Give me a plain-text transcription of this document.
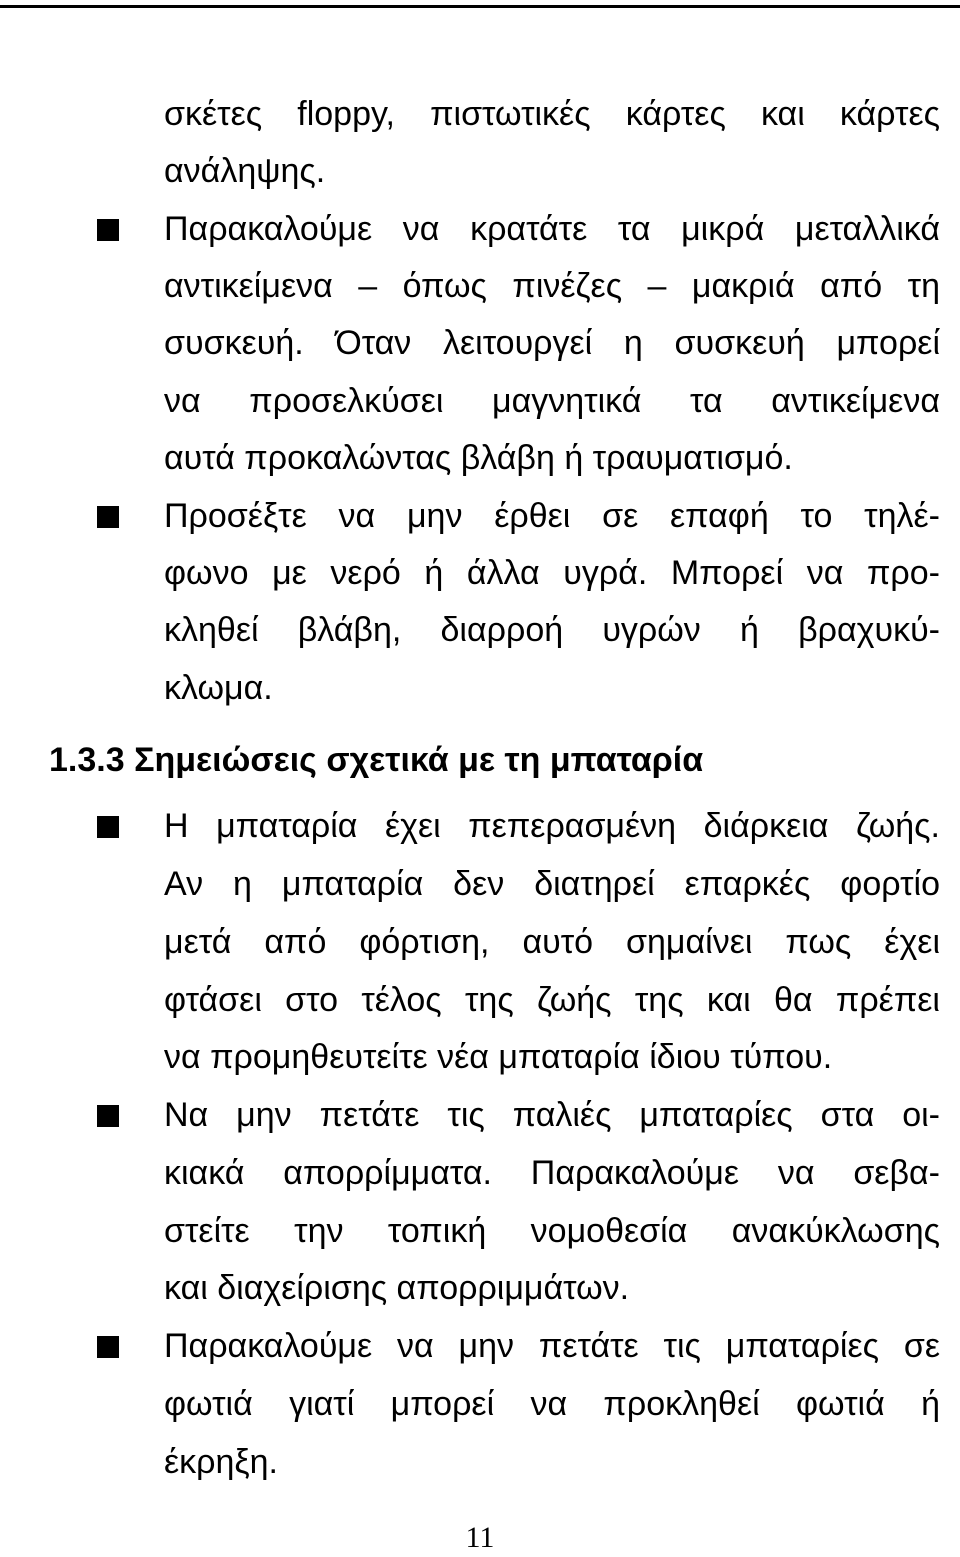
σκέτες floppy, πιστωτικές κάρτες και κάρτες
ανάληψης.
Παρακαλούμε να κρατάτε τα μικρά μεταλλικά
αντικείμενα – όπως πινέζες – μακριά από τη
συσκευή. Όταν λειτουργεί η συσκευή μπορεί
να προσελκύσει μαγνητικά τα αντικείμενα
αυτά προκαλώντας βλάβη ή τραυματισμό.
Προσέξτε να μην έρθει σε επαφή το τηλέ-
φωνο με νερό ή άλλα υγρά. Μπορεί να προ-
κληθεί βλάβη, διαρροή υγρών ή βραχυκύ-
κλωμα.
1.3.3 Σημειώσεις σχετικά με τη μπαταρία
Η μπαταρία έχει πεπερασμένη διάρκεια ζωής.
Αν η μπαταρία δεν διατηρεί επαρκές φορτίο
μετά από φόρτιση, αυτό σημαίνει πως έχει
φτάσει στο τέλος της ζωής της και θα πρέπει
να προμηθευτείτε νέα μπαταρία ίδιου τύπου.
Να μην πετάτε τις παλιές μπαταρίες στα οι-
κιακά απορρίμματα. Παρακαλούμε να σεβα-
στείτε την τοπική νομοθεσία ανακύκλωσης
και διαχείρισης απορριμμάτων.
Παρακαλούμε να μην πετάτε τις μπαταρίες σε
φωτιά γιατί μπορεί να προκληθεί φωτιά ή
έκρηξη.
11
